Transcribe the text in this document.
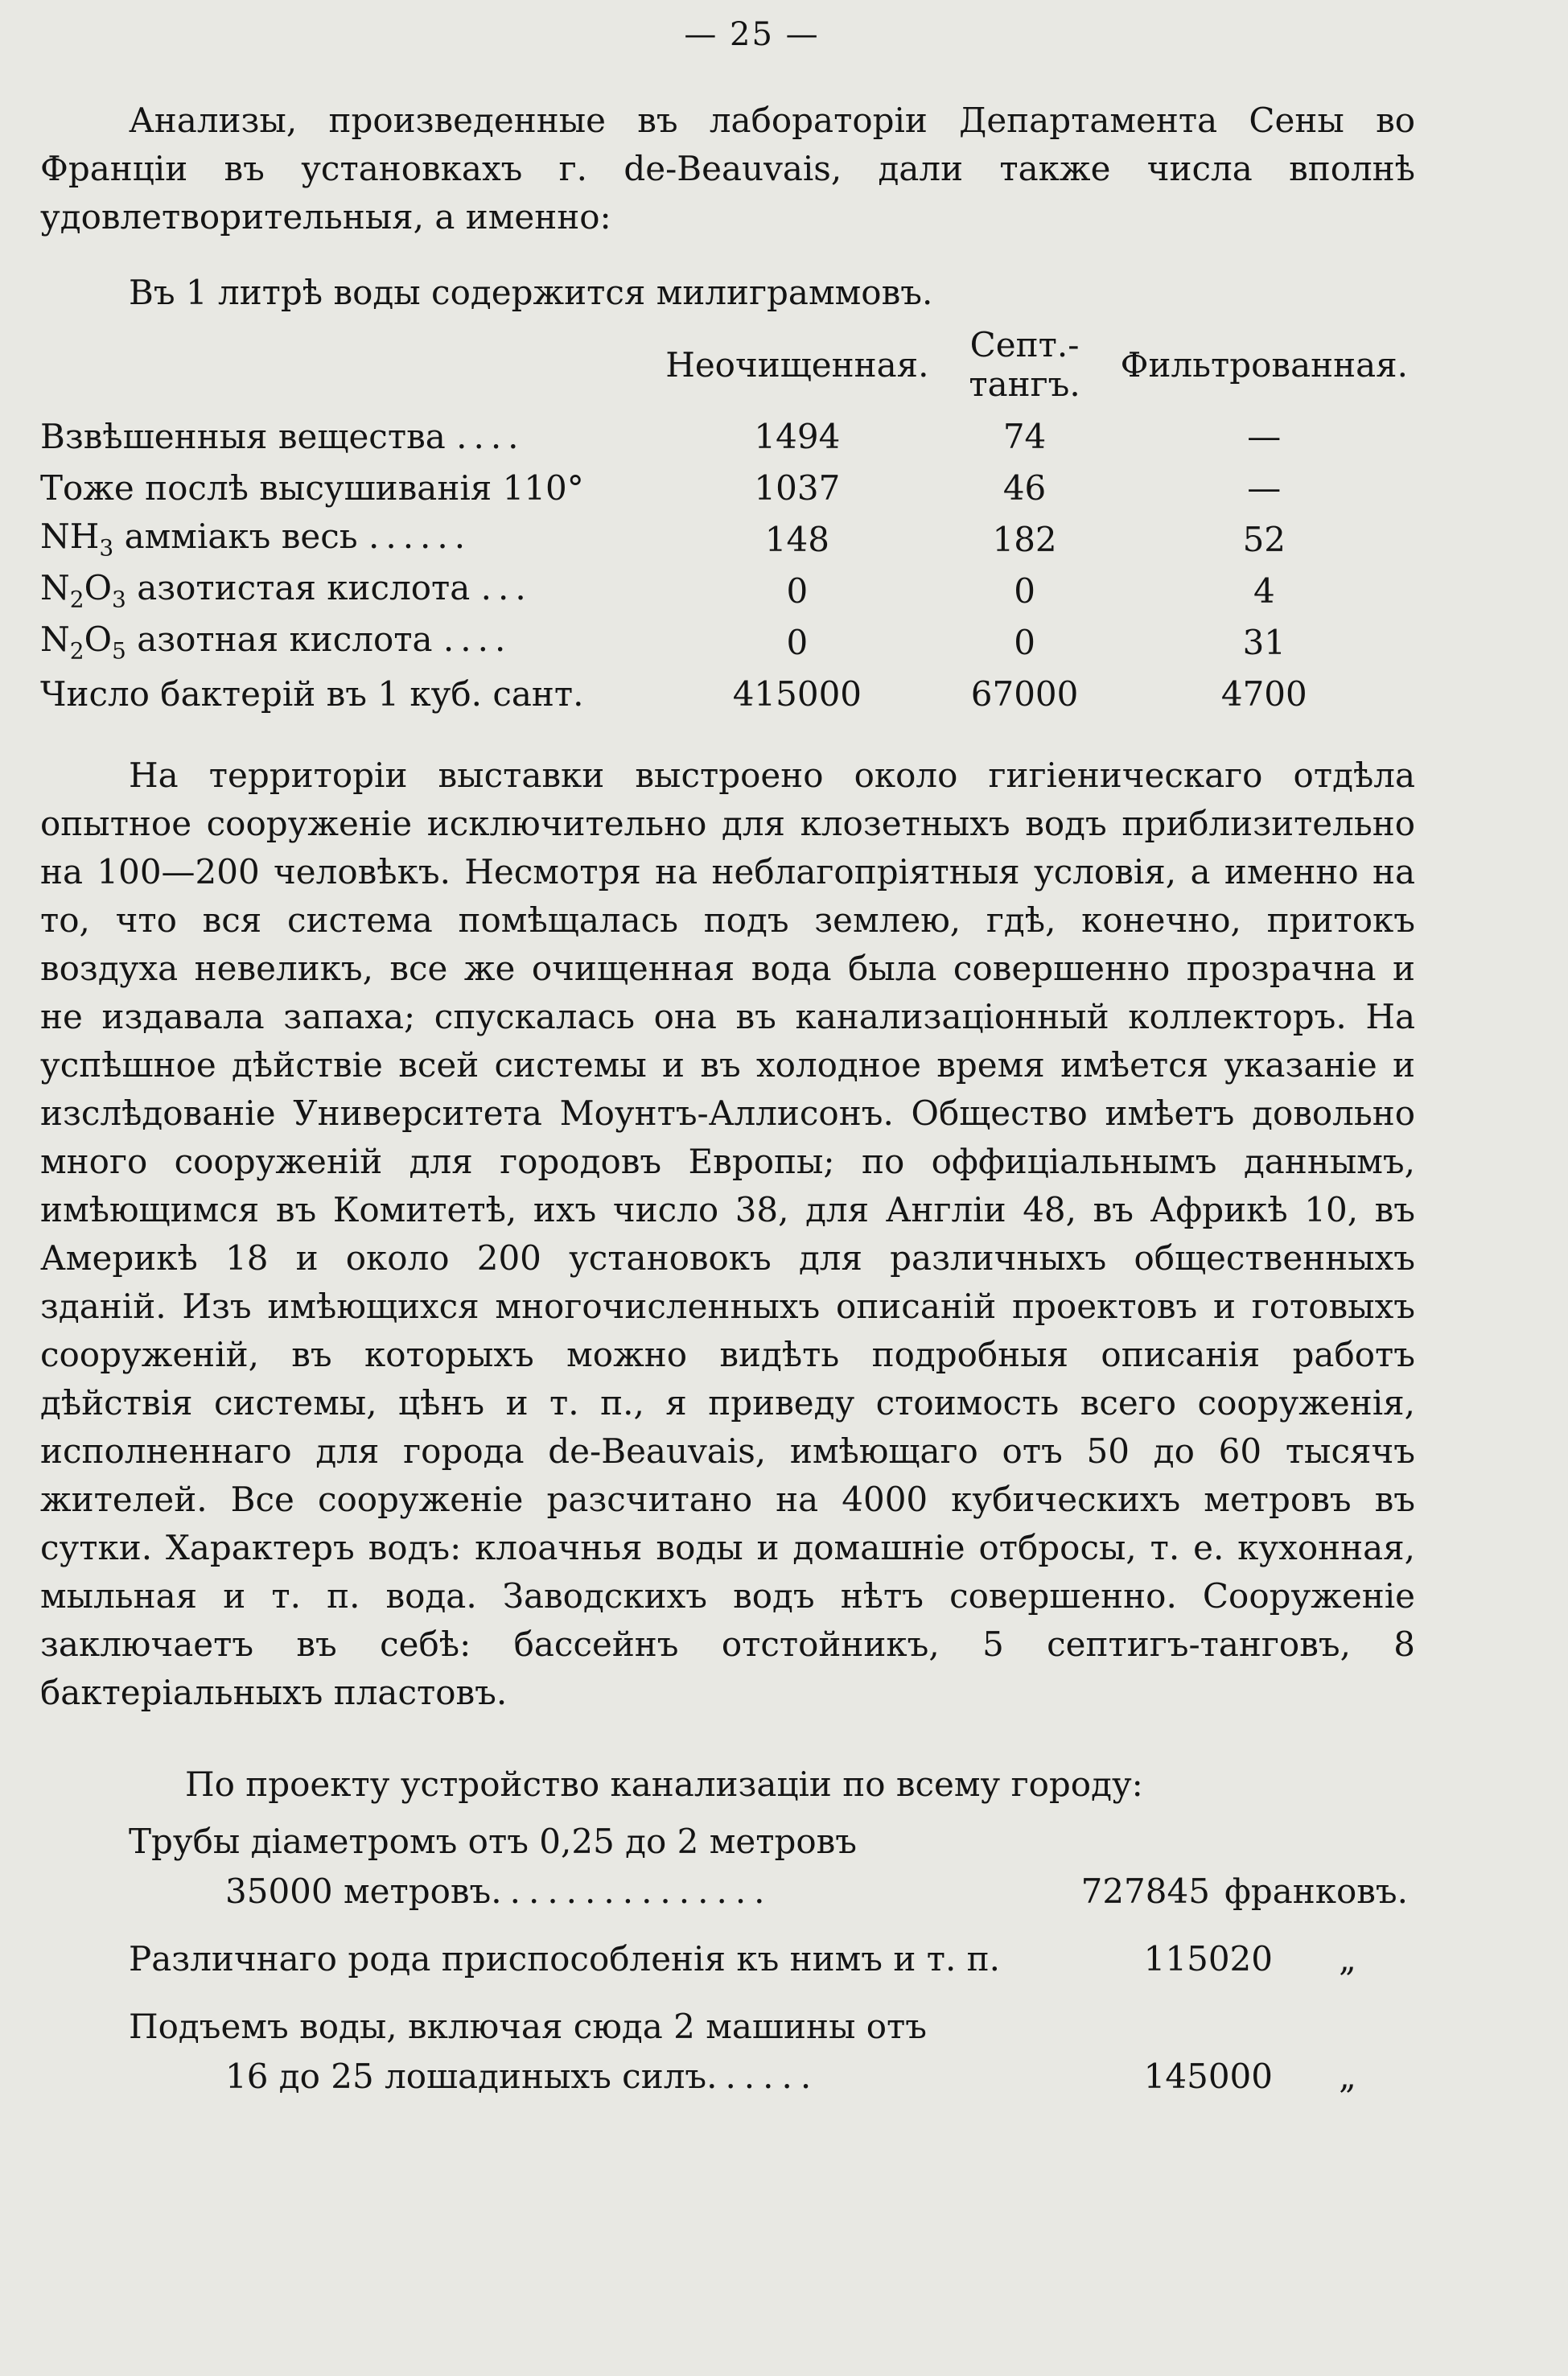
— 25 —

Анализы, произведенные въ лабораторіи Департамента Сены во Франціи въ установкахъ г. de-Beauvais, дали также числа вполнѣ удовлетворительныя, а именно:

Въ 1 литрѣ воды содержится милиграммовъ.
	Неочищенная.	Септ.-тангъ.	Фильтрованная.
Взвѣшенныя вещества ....	1494	74	—
Тоже послѣ высушиванія 110°	1037	46	—
$NH_3$ амміакъ весь ......	148	182	52
$N_2O_3$ азотистая кислота ...	0	0	4
$N_2O_5$ азотная кислота ....	0	0	31
Число бактерій въ 1 куб. сант.	415000	67000	4700

На территоріи выставки выстроено около гигіеническаго отдѣла опытное сооруженіе исключительно для клозетныхъ водъ приблизительно на 100—200 человѣкъ. Несмотря на неблагопріятныя условія, а именно на то, что вся система помѣщалась подъ землею, гдѣ, конечно, притокъ воздуха невеликъ, все же очищенная вода была совершенно прозрачна и не издавала запаха; спускалась она въ канализаціонный коллекторъ. На успѣшное дѣйствіе всей системы и въ холодное время имѣется указаніе и изслѣдованіе Университета Моунтъ-Аллисонъ. Общество имѣетъ довольно много сооруженій для городовъ Европы; по оффиціальнымъ даннымъ, имѣющимся въ Комитетѣ, ихъ число 38, для Англіи 48, въ Африкѣ 10, въ Америкѣ 18 и около 200 установокъ для различныхъ общественныхъ зданій. Изъ имѣющихся многочисленныхъ описаній проектовъ и готовыхъ сооруженій, въ которыхъ можно видѣть подробныя описанія работъ дѣйствія системы, цѣнъ и т. п., я приведу стоимость всего сооруженія, исполненнаго для города de-Beauvais, имѣющаго отъ 50 до 60 тысячъ жителей. Все сооруженіе разсчитано на 4000 кубическихъ метровъ въ сутки. Характеръ водъ: клоачнья воды и домашніе отбросы, т. е. кухонная, мыльная и т. п. вода. Заводскихъ водъ нѣтъ совершенно. Сооруженіе заключаетъ въ себѣ: бассейнъ отстойникъ, 5 септигъ-танговъ, 8 бактеріальныхъ пластовъ.

По проекту устройство канализаціи по всему городу:
Трубы діаметромъ отъ 0,25 до 2 метровъ
35000 метровъ ...............	727845 франковъ.
Различнаго рода приспособленія къ нимъ и т. п.	115020	„
Подъемъ воды, включая сюда 2 машины отъ
16 до 25 лошадиныхъ силъ ......	145000	„
